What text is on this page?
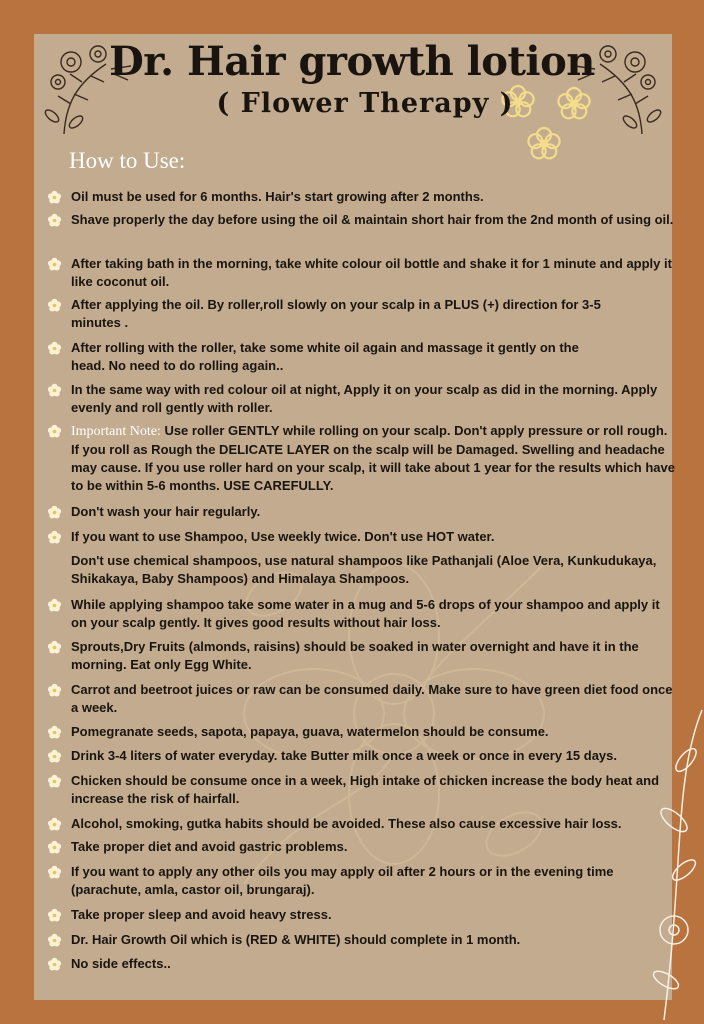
Dr. Hair growth lotion
( Flower Therapy )
How to Use:
Oil must be used for 6 months. Hair's start growing after 2 months.
Shave properly the day before using the oil & maintain short hair from the 2nd month of using oil.
After taking bath in the morning, take white colour oil bottle and shake it for 1 minute and apply it like coconut oil.
After applying the oil. By roller,roll slowly on your scalp in a PLUS (+) direction for 3-5 minutes .
After rolling with the roller, take some white oil again and massage it gently on the head. No need to do rolling again..
In the same way with red colour oil at night, Apply it on your scalp as did in the morning. Apply evenly and roll gently with roller.
Important Note: Use roller GENTLY while rolling on your scalp. Don't apply pressure or roll rough. If you roll as Rough the DELICATE LAYER on the scalp will be Damaged. Swelling and headache may cause. If you use roller hard on your scalp, it will take about 1 year for the results which have to be within 5-6 months. USE CAREFULLY.
Don't wash your hair regularly.
If you want to use Shampoo, Use weekly twice. Don't use HOT water.
Don't use chemical shampoos, use natural shampoos like Pathanjali (Aloe Vera, Kunkudukaya, Shikakaya, Baby Shampoos) and Himalaya Shampoos.
While applying shampoo take some water in a mug and 5-6 drops of your shampoo and apply it on your scalp gently. It gives good results without hair loss.
Sprouts,Dry Fruits (almonds, raisins) should be soaked in water overnight and have it in the morning. Eat only Egg White.
Carrot and beetroot juices or raw can be consumed daily. Make sure to have green diet food once a week.
Pomegranate seeds, sapota, papaya, guava, watermelon should be consume.
Drink 3-4 liters of water everyday. take Butter milk once a week or once in every 15 days.
Chicken should be consume once in a week, High intake of chicken increase the body heat and increase the risk of hairfall.
Alcohol, smoking, gutka habits should be avoided. These also cause excessive hair loss.
Take proper diet and avoid gastric problems.
If you want to apply any other oils you may apply oil after 2 hours or in the evening time (parachute, amla, castor oil, brungaraj).
Take proper sleep and avoid heavy stress.
Dr. Hair Growth Oil which is (RED & WHITE) should complete in 1 month.
No side effects..
